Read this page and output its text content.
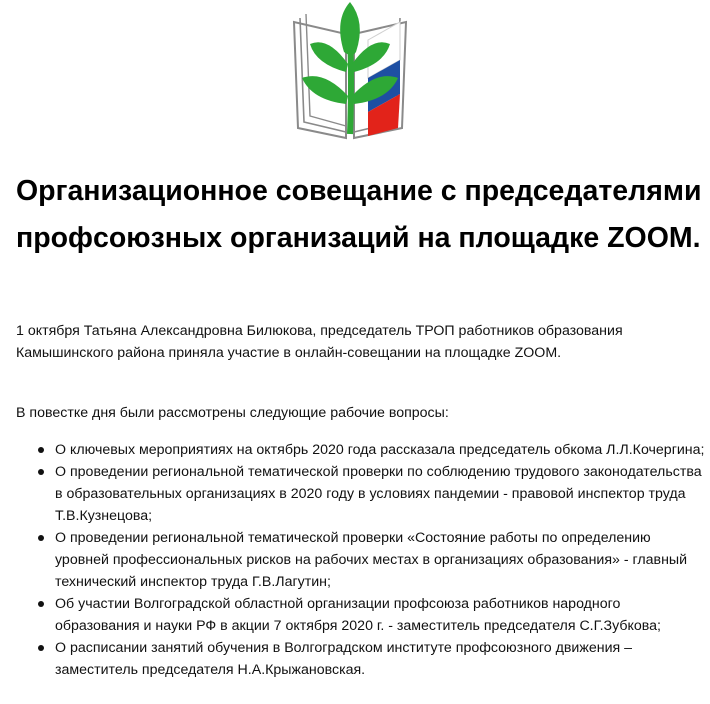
Организационное совещание с председателями профсоюзных организаций на площадке ZOOM.

1 октября Татьяна Александровна Билюкова, председатель ТРОП работников образования Камышинского района приняла участие в онлайн-совещании на площадке ZOOM.

В повестке дня были рассмотрены следующие рабочие вопросы:

О ключевых мероприятиях на октябрь 2020 года рассказала председатель обкома Л.Л.Кочергина;
О проведении региональной тематической проверки по соблюдению трудового законодательства в образовательных организациях в 2020 году в условиях пандемии - правовой инспектор труда Т.В.Кузнецова;
О проведении региональной тематической проверки «Состояние работы по определению уровней профессиональных рисков на рабочих местах в организациях образования» - главный технический инспектор труда Г.В.Лагутин;
Об участии Волгоградской областной организации профсоюза работников народного образования и науки РФ в акции 7 октября 2020 г. - заместитель председателя С.Г.Зубкова;
О расписании занятий обучения в Волгоградском институте профсоюзного движения – заместитель председателя Н.А.Крыжановская.
